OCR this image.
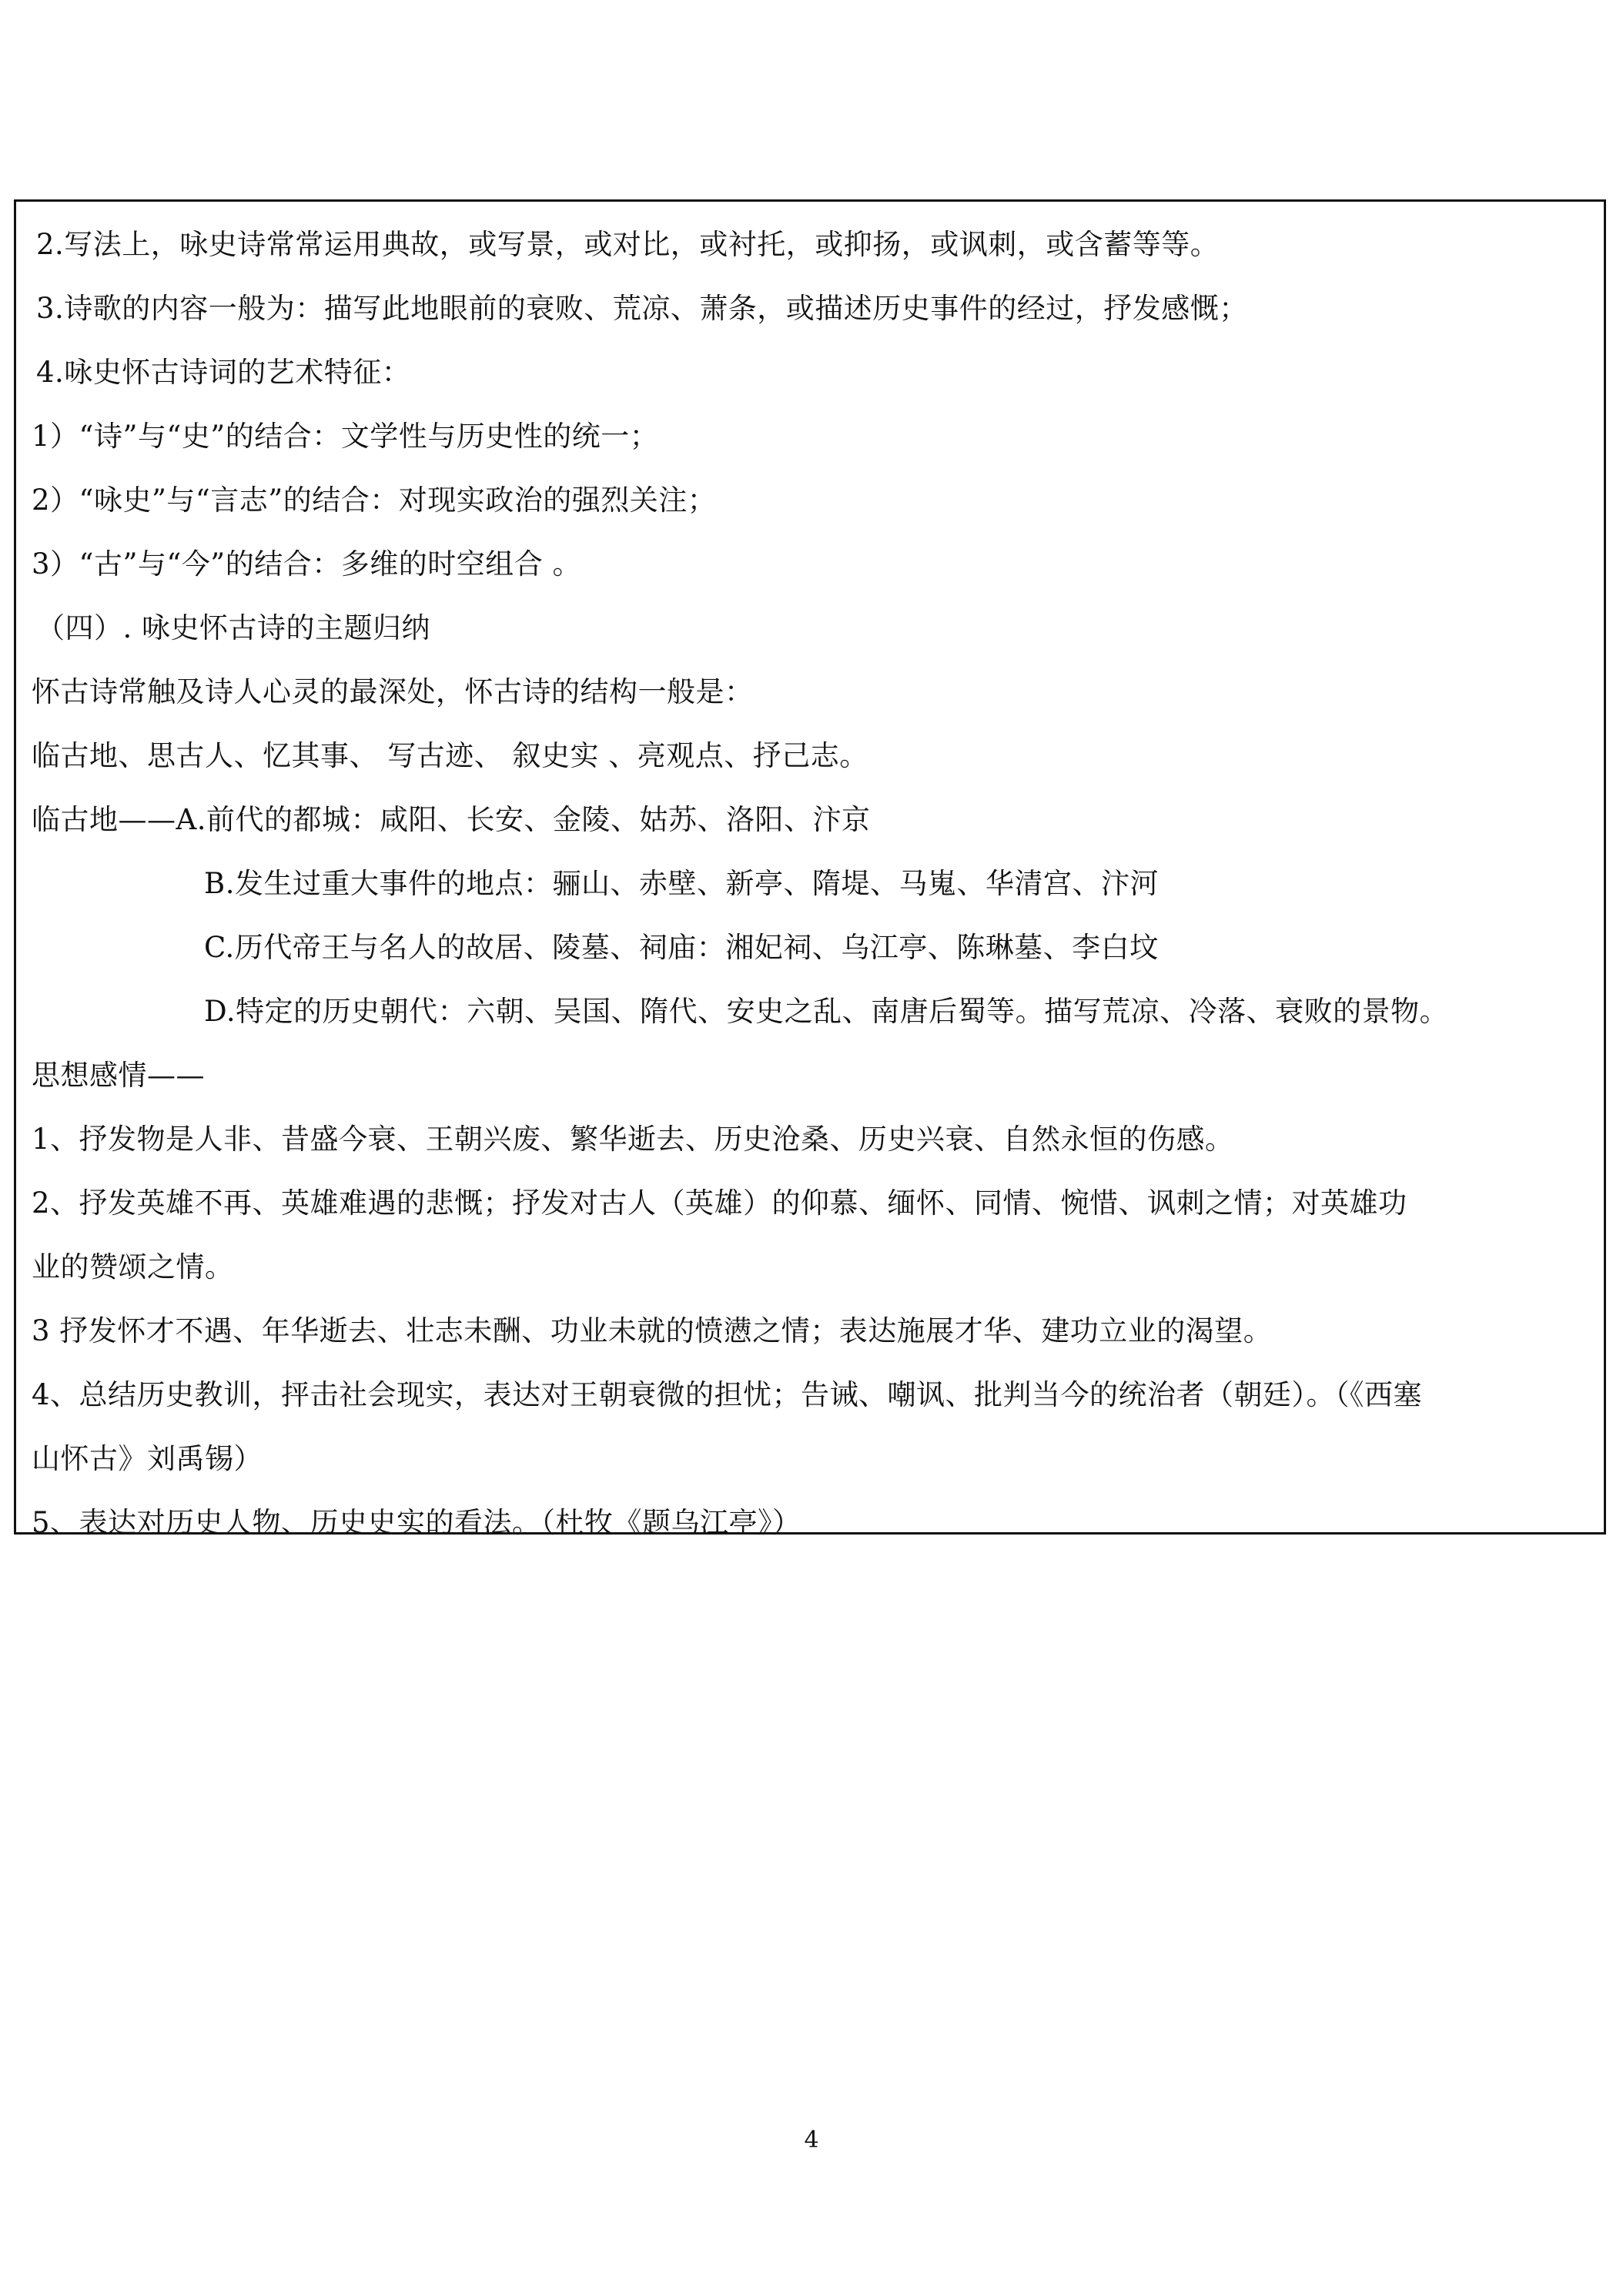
2.写法上，咏史诗常常运用典故，或写景，或对比，或衬托，或抑扬，或讽刺，或含蓄等等。
3.诗歌的内容一般为：描写此地眼前的衰败、荒凉、萧条，或描述历史事件的经过，抒发感慨；
4.咏史怀古诗词的艺术特征：
1）“诗”与“史”的结合：文学性与历史性的统一；
2）“咏史”与“言志”的结合：对现实政治的强烈关注；
3）“古”与“今”的结合：多维的时空组合 。
（四）. 咏史怀古诗的主题归纳
怀古诗常触及诗人心灵的最深处，怀古诗的结构一般是：
临古地、思古人、忆其事、 写古迹、 叙史实 、亮观点、抒己志。
临古地——A.前代的都城：咸阳、长安、金陵、姑苏、洛阳、汴京
B.发生过重大事件的地点：骊山、赤壁、新亭、隋堤、马嵬、华清宫、汴河
C.历代帝王与名人的故居、陵墓、祠庙：湘妃祠、乌江亭、陈琳墓、李白坟
D.特定的历史朝代：六朝、吴国、隋代、安史之乱、南唐后蜀等。描写荒凉、冷落、衰败的景物。
思想感情——
1、抒发物是人非、昔盛今衰、王朝兴废、繁华逝去、历史沧桑、历史兴衰、自然永恒的伤感。
2、抒发英雄不再、英雄难遇的悲慨；抒发对古人（英雄）的仰慕、缅怀、同情、惋惜、讽刺之情；对英雄功
业的赞颂之情。
3 抒发怀才不遇、年华逝去、壮志未酬、功业未就的愤懑之情；表达施展才华、建功立业的渴望。
4、总结历史教训，抨击社会现实，表达对王朝衰微的担忧；告诫、嘲讽、批判当今的统治者（朝廷）。（《西塞
山怀古》刘禹锡）
5、表达对历史人物、历史史实的看法。（杜牧《题乌江亭》）
4
